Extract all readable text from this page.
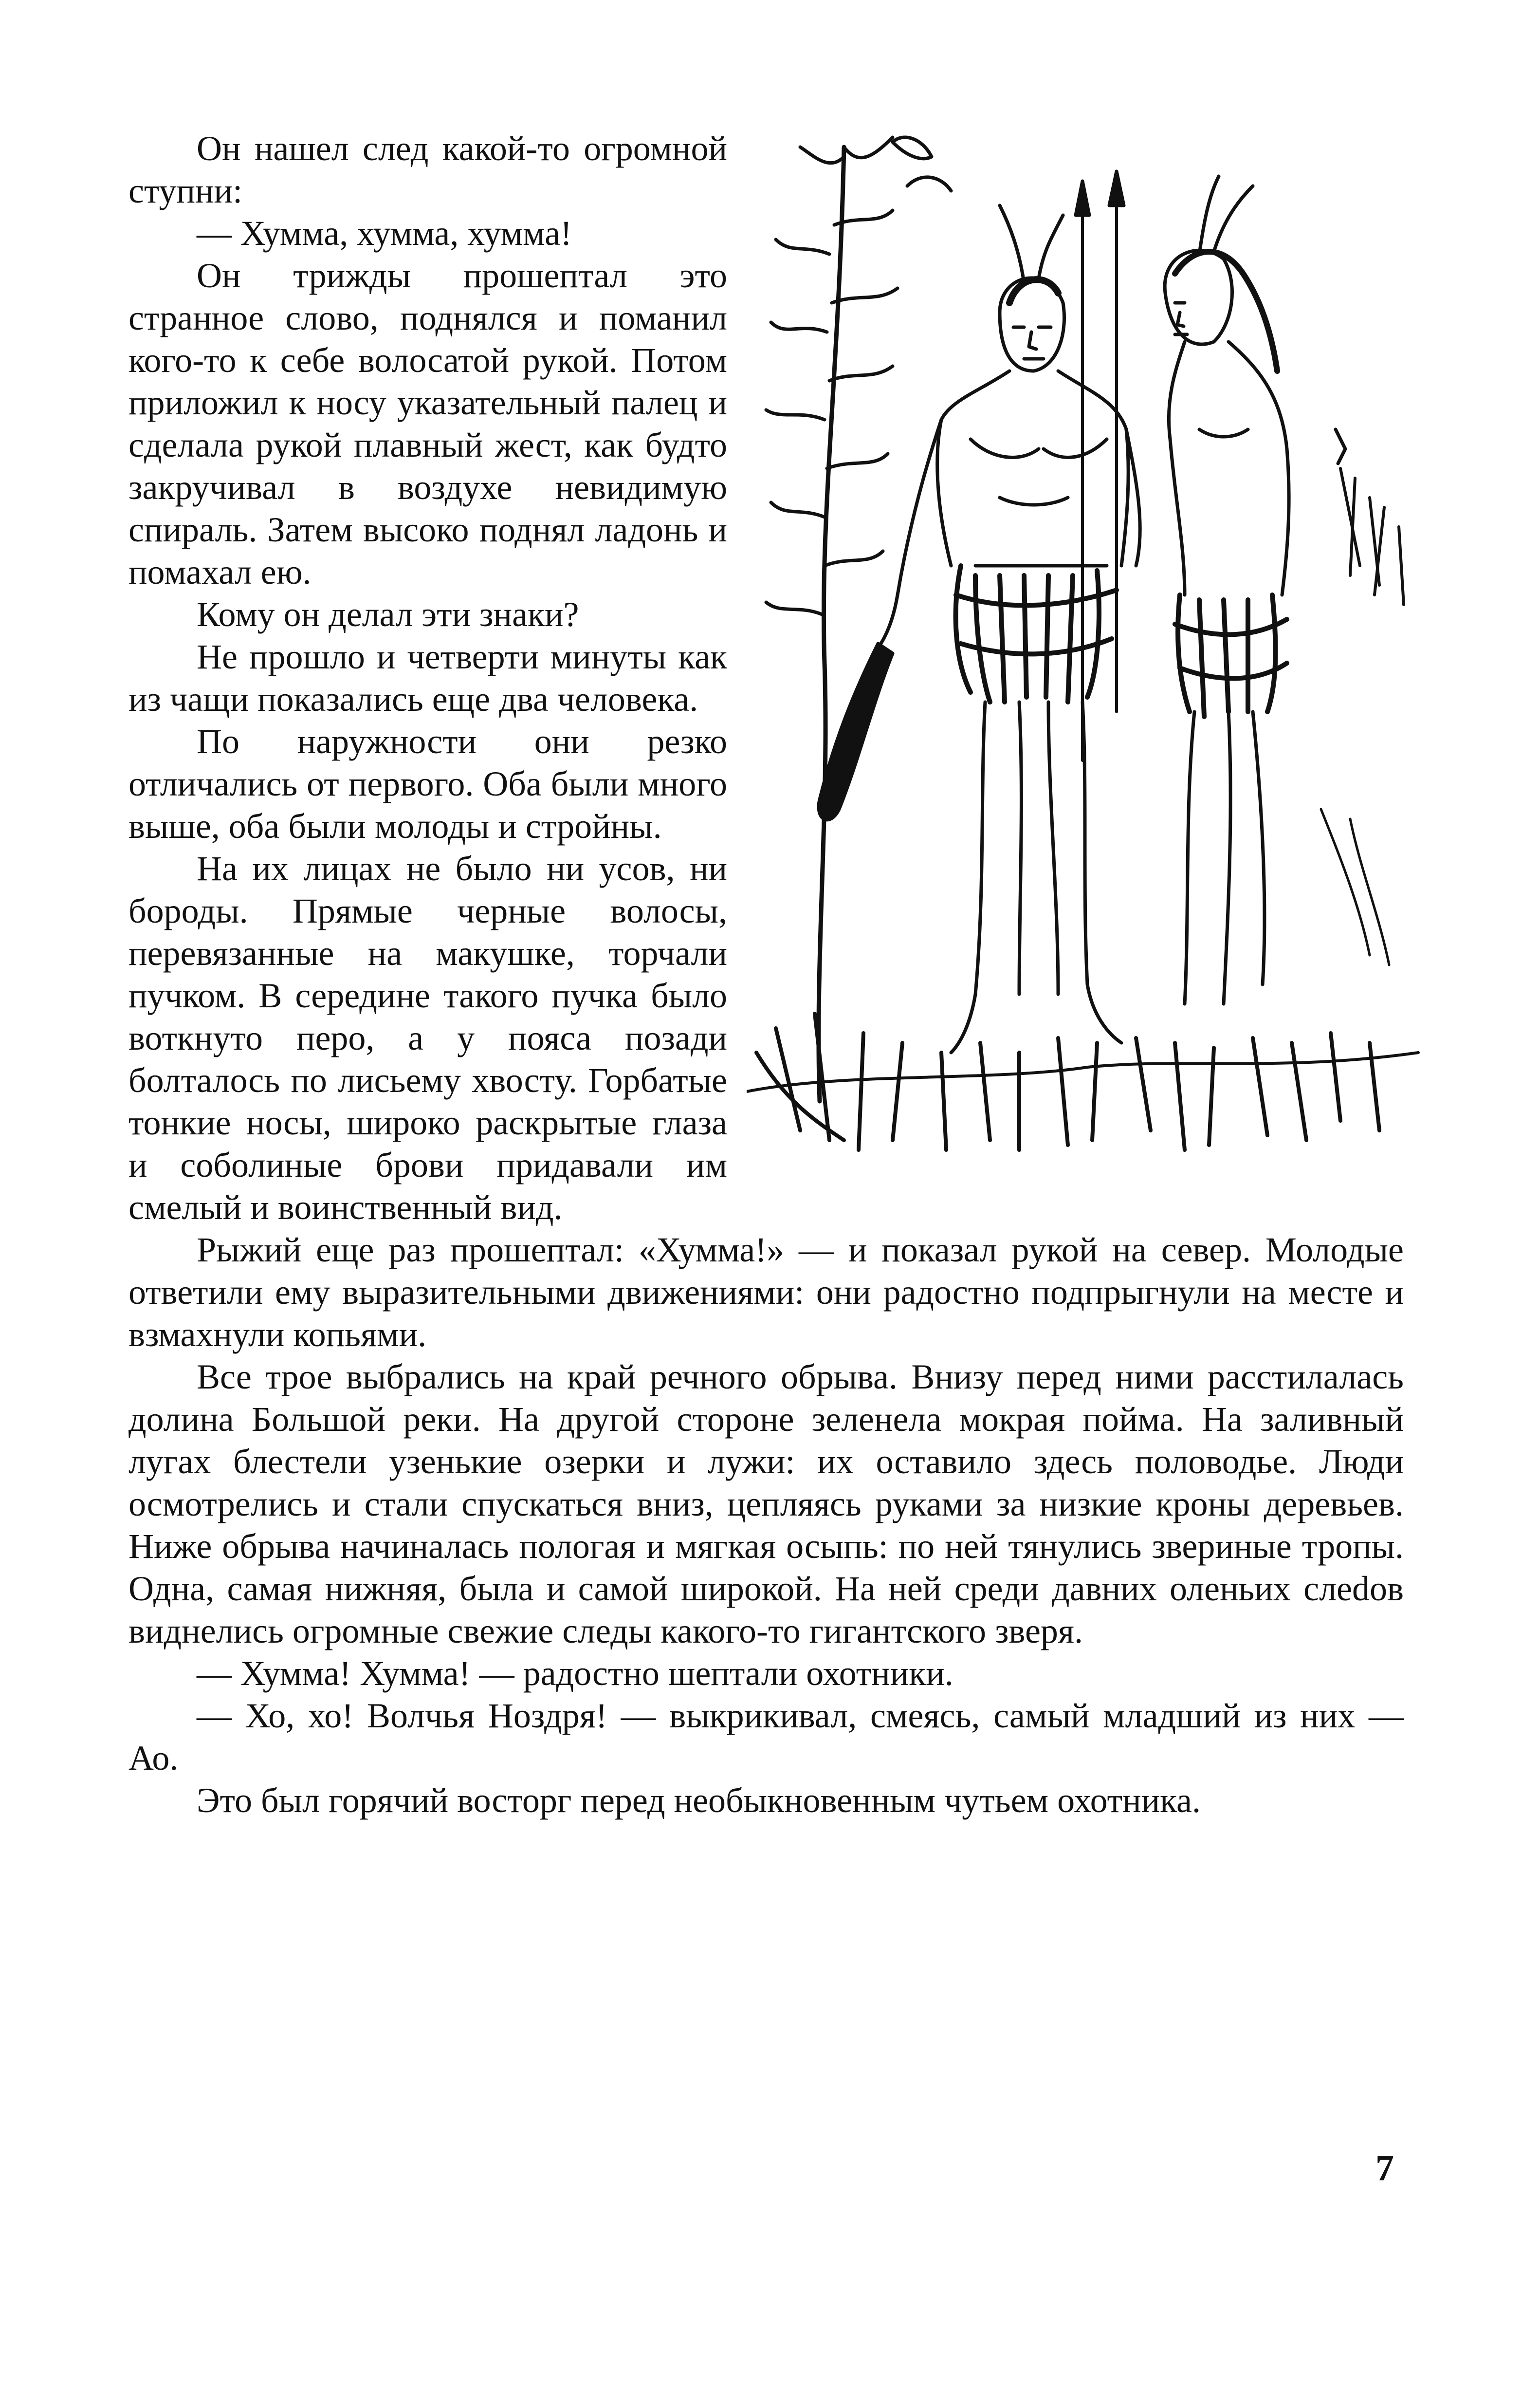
Он нашел след какой-то огромной ступни:

— Хумма, хумма, хумма!

Он трижды прошептал это странное слово, поднялся и поманил кого-то к себе волосатой рукой. Потом приложил к носу указательный палец и сделала рукой плавный жест, как будто закручивал в воздухе невидимую спираль. Затем высоко поднял ладонь и помахал ею.

Кому он делал эти знаки?

Не прошло и четверти минуты как из чащи показались еще два человека.

По наружности они резко отличались от первого. Оба были много выше, оба были молоды и стройны.

На их лицах не было ни усов, ни бороды. Прямые черные волосы, перевязанные на макушке, торчали пучком. В середине такого пучка было воткнуто перо, а у пояса позади болталось по лисьему хвосту. Горбатые тонкие носы, широко раскрытые глаза и соболиные брови придавали им смелый и воинственный вид.

Рыжий еще раз прошептал: «Хумма!» — и показал рукой на север. Молодые ответили ему выразительными движениями: они радостно подпрыгнули на месте и взмахнули копьями.

Все трое выбрались на край речного обрыва. Внизу перед ними расстилалась долина Большой реки. На другой стороне зеленела мокрая пойма. На заливный лугах блестели узенькие озерки и лужи: их оставило здесь половодье. Люди осмотрелись и стали спускаться вниз, цепляясь руками за низкие кроны деревьев. Ниже обрыва начиналась пологая и мягкая осыпь: по ней тянулись звериные тропы. Одна, самая нижняя, была и самой широкой. На ней среди давних оленьих слеdов виднелись огромные свежие следы какого-то гигантского зверя.

— Хумма! Хумма! — радостно шептали охотники.

— Хо, хо! Волчья Ноздря! — выкрикивал, смеясь, самый младший из них — Ао.

Это был горячий восторг перед необыкновенным чутьем охотника.

7
